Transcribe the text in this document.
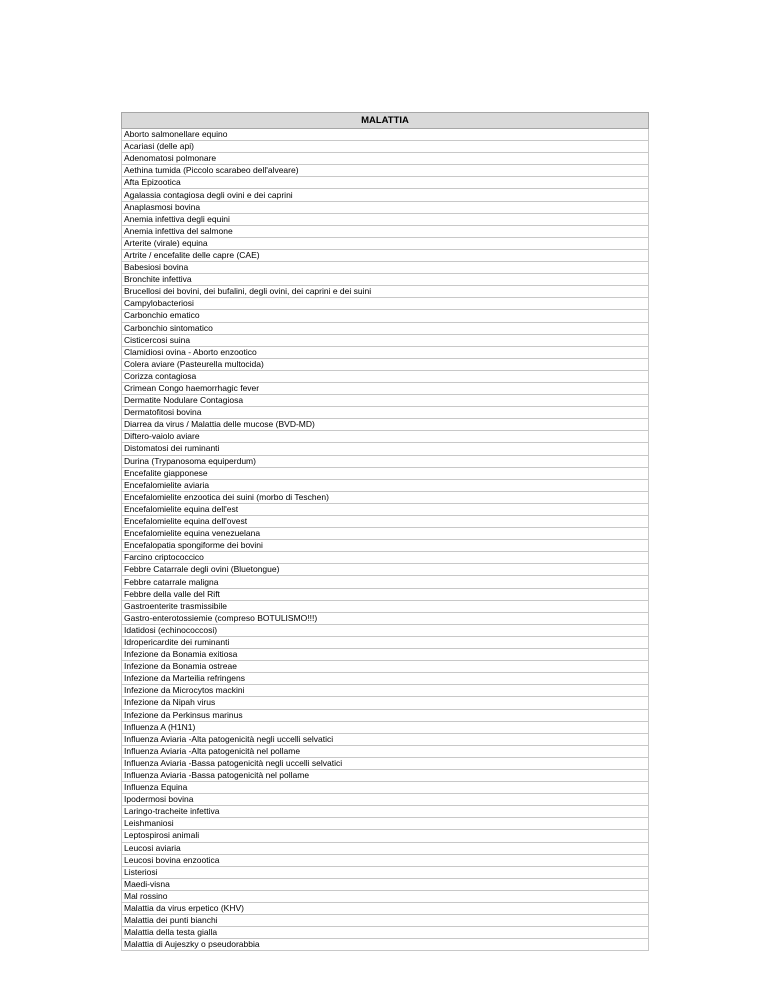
MALATTIA
Aborto salmonellare equino
Acariasi (delle api)
Adenomatosi polmonare
Aethina tumida (Piccolo scarabeo dell'alveare)
Afta Epizootica
Agalassia contagiosa degli ovini e dei caprini
Anaplasmosi bovina
Anemia infettiva degli equini
Anemia infettiva del salmone
Arterite (virale) equina
Artrite / encefalite delle capre (CAE)
Babesiosi bovina
Bronchite infettiva
Brucellosi dei bovini, dei bufalini, degli ovini, dei caprini e dei suini
Campylobacteriosi
Carbonchio ematico
Carbonchio sintomatico
Cisticercosi suina
Clamidiosi ovina - Aborto enzootico
Colera aviare (Pasteurella multocida)
Corizza contagiosa
Crimean Congo haemorrhagic fever
Dermatite Nodulare Contagiosa
Dermatofitosi bovina
Diarrea da virus / Malattia delle mucose (BVD-MD)
Diftero-vaiolo aviare
Distomatosi dei ruminanti
Durina (Trypanosoma equiperdum)
Encefalite giapponese
Encefalomielite aviaria
Encefalomielite enzootica dei suini (morbo di Teschen)
Encefalomielite equina dell'est
Encefalomielite equina dell'ovest
Encefalomielite equina venezuelana
Encefalopatia spongiforme dei bovini
Farcino criptococcico
Febbre Catarrale degli ovini (Bluetongue)
Febbre catarrale maligna
Febbre della valle del Rift
Gastroenterite trasmissibile
Gastro-enterotossiemie (compreso BOTULISMO!!!)
Idatidosi (echinococcosi)
Idropericardite dei ruminanti
Infezione da Bonamia exitiosa
Infezione da Bonamia ostreae
Infezione da Marteilia refringens
Infezione da Microcytos mackini
Infezione da Nipah virus
Infezione da Perkinsus marinus
Influenza A (H1N1)
Influenza Aviaria -Alta patogenicità negli uccelli selvatici
Influenza Aviaria -Alta patogenicità nel pollame
Influenza Aviaria -Bassa patogenicità negli uccelli selvatici
Influenza Aviaria -Bassa patogenicità nel pollame
Influenza Equina
Ipodermosi bovina
Laringo-tracheite infettiva
Leishmaniosi
Leptospirosi animali
Leucosi aviaria
Leucosi bovina enzootica
Listeriosi
Maedi-visna
Mal rossino
Malattia da virus erpetico (KHV)
Malattia dei punti bianchi
Malattia della testa gialla
Malattia di Aujeszky o pseudorabbia
